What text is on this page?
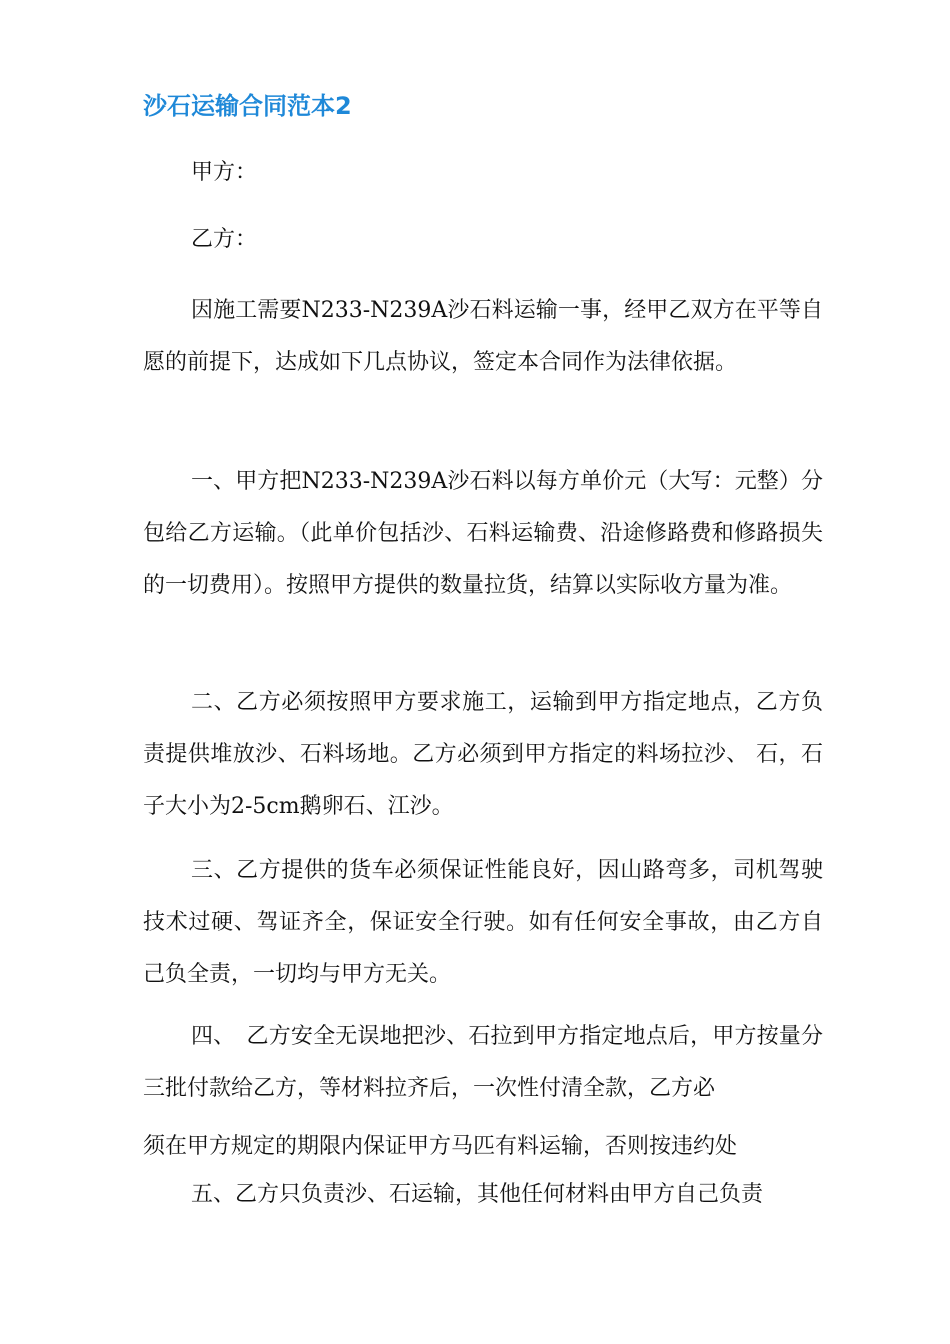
沙石运输合同范本2

甲方：

乙方：

因施工需要N233-N239A沙石料运输一事，经甲乙双方在平等自愿的前提下，达成如下几点协议，签定本合同作为法律依据。

一、甲方把N233-N239A沙石料以每方单价元（大写：元整）分包给乙方运输。（此单价包括沙、石料运输费、沿途修路费和修路损失的一切费用）。按照甲方提供的数量拉货，结算以实际收方量为准。

二、乙方必须按照甲方要求施工，运输到甲方指定地点，乙方负责提供堆放沙、石料场地。乙方必须到甲方指定的料场拉沙、 石，石子大小为2-5cm鹅卵石、江沙。

三、乙方提供的货车必须保证性能良好，因山路弯多，司机驾驶技术过硬、驾证齐全，保证安全行驶。如有任何安全事故，由乙方自己负全责，一切均与甲方无关。

四、　乙方安全无误地把沙、石拉到甲方指定地点后，甲方按量分三批付款给乙方，等材料拉齐后，一次性付清全款，乙方必
须在甲方规定的期限内保证甲方马匹有料运输，否则按违约处

五、乙方只负责沙、石运输，其他任何材料由甲方自己负责
